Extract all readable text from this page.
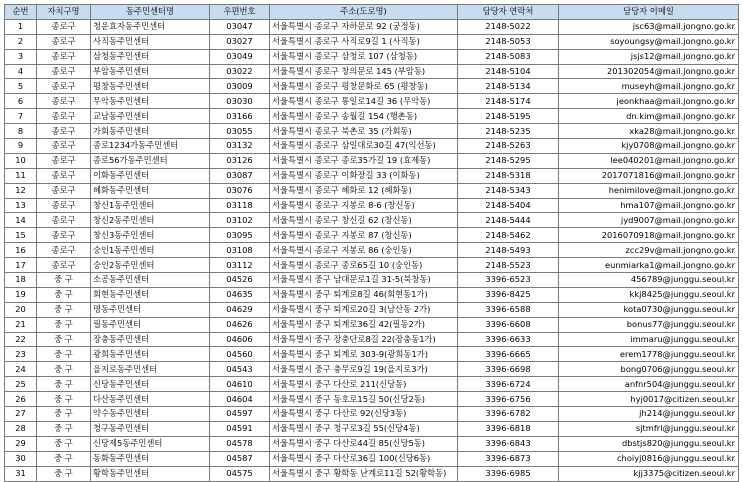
순번	자치구명	동주민센터명	우편번호	주소(도로명)	담당자 연락처	담당자 이메일
1	종로구	청운효자동주민센터	03047	서울특별시 종로구 자하문로 92 (궁정동)	2148-5022	jsc63@mail.jongno.go.kr
2	종로구	사직동주민센터	03027	서울특별시 종로구 사직로9길 1 (사직동)	2148-5053	soyoungsy@mail.jongno.go.kr
3	종로구	삼청동주민센터	03049	서울특별시 종로구 삼청로 107 (삼청동)	2148-5083	jsjs12@mail.jongno.go.kr
4	종로구	부암동주민센터	03022	서울특별시 종로구 창의문로 145 (부암동)	2148-5104	201302054@mail.jongno.go.kr
5	종로구	평창동주민센터	03009	서울특별시 종로구 평창문화로 65 (평창동)	2148-5134	museyh@mail.jongno.go.kr
6	종로구	무악동주민센터	03030	서울특별시 종로구 통일로14길 36 (무악동)	2148-5174	jeonkhaa@mail.jongno.go.kr
7	종로구	교남동주민센터	03166	서울특별시 종로구 송월길 154 (행촌동)	2148-5195	dn.kim@mail.jongno.go.kr
8	종로구	가회동주민센터	03055	서울특별시 종로구 북촌로 35 (가회동)	2148-5235	xka28@mail.jongno.go.kr
9	종로구	종로1234가동주민센터	03132	서울특별시 종로구 삼일대로30길 47(익선동)	2148-5263	kjy0708@mail.jongno.go.kr
10	종로구	종로56가동주민센터	03126	서울특별시 종로구 종로35가길 19 (효제동)	2148-5295	lee040201@mail.jongno.go.kr
11	종로구	이화동주민센터	03087	서울특별시 종로구 이화장길 33 (이화동)	2148-5318	2017071816@mail.jongno.go.kr
12	종로구	혜화동주민센터	03076	서울특별시 종로구 혜화로 12 (혜화동)	2148-5343	henimilove@mail.jongno.go.kr
13	종로구	창신1동주민센터	03118	서울특별시 종로구 지봉로 8-6 (창신동)	2148-5404	hma107@mail.jongno.go.kr
14	종로구	창신2동주민센터	03102	서울특별시 종로구 창신길 62 (창신동)	2148-5444	jyd9007@mail.jongno.go.kr
15	종로구	창신3동주민센터	03095	서울특별시 종로구 지봉로 87 (창신동)	2148-5462	2016070918@mail.jongno.go.kr
16	종로구	숭인1동주민센터	03108	서울특별시 종로구 지봉로 86 (숭인동)	2148-5493	zcc29v@mail.jongno.go.kr
17	종로구	숭인2동주민센터	03112	서울특별시 종로구 종로65길 10 (숭인동)	2148-5523	eunmiarka1@mail.jongno.go.kr
18	중 구	소공동주민센터	04526	서울특별시 중구 남대문로1길 31-5(북창동)	3396-6523	456789@junggu.seoul.kr
19	중 구	회현동주민센터	04635	서울특별시 중구 퇴계로8길 46(회현동1가)	3396-8425	kkj8425@junggu.seoul.kr
20	중 구	명동주민센터	04629	서울특별시 중구 퇴계로20길 3(남산동 2가)	3396-6588	kota0730@junggu.seoul.kr
21	중 구	필동주민센터	04626	서울특별시 중구 퇴계로36길 42(필동2가)	3396-6608	bonus77@junggu.seoul.kr
22	중 구	장충동주민센터	04606	서울특별시 중구 장충단로8길 22(장충동1가)	3396-6633	immaru@junggu.seoul.kr
23	중 구	광희동주민센터	04560	서울특별시 중구 퇴계로 303-9(광희동1가)	3396-6665	erem1778@junggu.seoul.kr
24	중 구	을지로동주민센터	04543	서울특별시 중구 충무로9길 19(을지로3가)	3396-6698	bong0706@junggu.seoul.kr
25	중 구	신당동주민센터	04610	서울특별시 중구 다산로 211(신당동)	3396-6724	anfnr504@junggu.seoul.kr
26	중 구	다산동주민센터	04604	서울특별시 중구 동호로15길 50(신당2동)	3396-6756	hyj0017@citizen.seoul.kr
27	중 구	약수동주민센터	04597	서울특별시 중구 다산로 92(신당3동)	3396-6782	jh214@junggu.seoul.kr
28	중 구	청구동주민센터	04591	서울특별시 중구 청구로3길 55(신당4동)	3396-6818	sjtmfrl@junggu.seoul.kr
29	중 구	신당제5동주민센터	04578	서울특별시 중구 다산로44길 85(신당5동)	3396-6843	dbstjs820@junggu.seoul.kr
30	중 구	동화동주민센터	04587	서울특별시 중구 다산로36길 100(신당6동)	3396-6873	choiyj0816@junggu.seoul.kr
31	중 구	황학동주민센터	04575	서울특별시 중구 황학동 난계로11길 52(황학동)	3396-6985	kjj3375@citizen.seoul.kr
